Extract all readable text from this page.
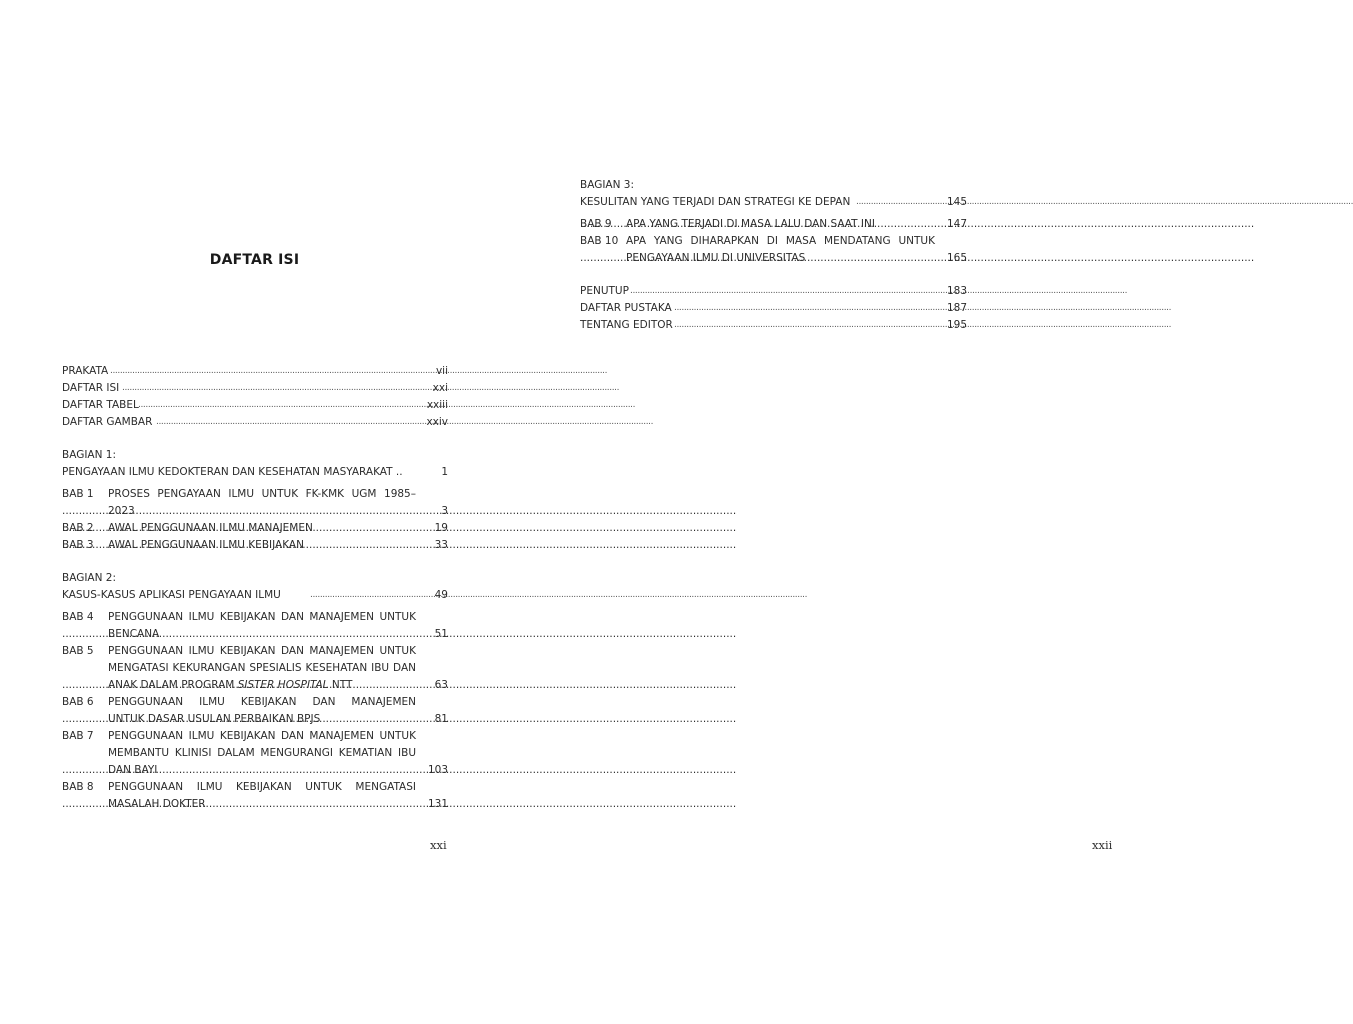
DAFTAR ISI
PRAKATA .....	vii
DAFTAR ISI .....	xxi
DAFTAR TABEL .....	xxiii
DAFTAR GAMBAR .....	xxiv
BAGIAN 1:
PENGAYAAN ILMU KEDOKTERAN DAN KESEHATAN MASYARAKAT ..	1
BAB 1 PROSES PENGAYAAN ILMU UNTUK FK-KMK UGM 1985–
2023 .....	3
BAB 2 AWAL PENGGUNAAN ILMU MANAJEMEN .....	19
BAB 3 AWAL PENGGUNAAN ILMU KEBIJAKAN .....	33
BAGIAN 2:
KASUS-KASUS APLIKASI PENGAYAAN ILMU .....	49
BAB 4 PENGGUNAAN ILMU KEBIJAKAN DAN MANAJEMEN UNTUK
BENCANA .....	51
BAB 5 PENGGUNAAN ILMU KEBIJAKAN DAN MANAJEMEN UNTUK
MENGATASI KEKURANGAN SPESIALIS KESEHATAN IBU DAN
ANAK DALAM PROGRAM SISTER HOSPITAL NTT .....	63
BAB 6 PENGGUNAAN ILMU KEBIJAKAN DAN MANAJEMEN
UNTUK DASAR USULAN PERBAIKAN BPJS .....	81
BAB 7 PENGGUNAAN ILMU KEBIJAKAN DAN MANAJEMEN UNTUK
MEMBANTU KLINISI DALAM MENGURANGI KEMATIAN IBU
DAN BAYI .....	103
BAB 8 PENGGUNAAN ILMU KEBIJAKAN UNTUK MENGATASI
MASALAH DOKTER .....	131
xxi
BAGIAN 3:
KESULITAN YANG TERJADI DAN STRATEGI KE DEPAN .....	145
BAB 9 APA YANG TERJADI DI MASA LALU DAN SAAT INI .....	147
BAB 10 APA YANG DIHARAPKAN DI MASA MENDATANG UNTUK
PENGAYAAN ILMU DI UNIVERSITAS .....	165
PENUTUP .....	183
DAFTAR PUSTAKA .....	187
TENTANG EDITOR .....	195
xxii
